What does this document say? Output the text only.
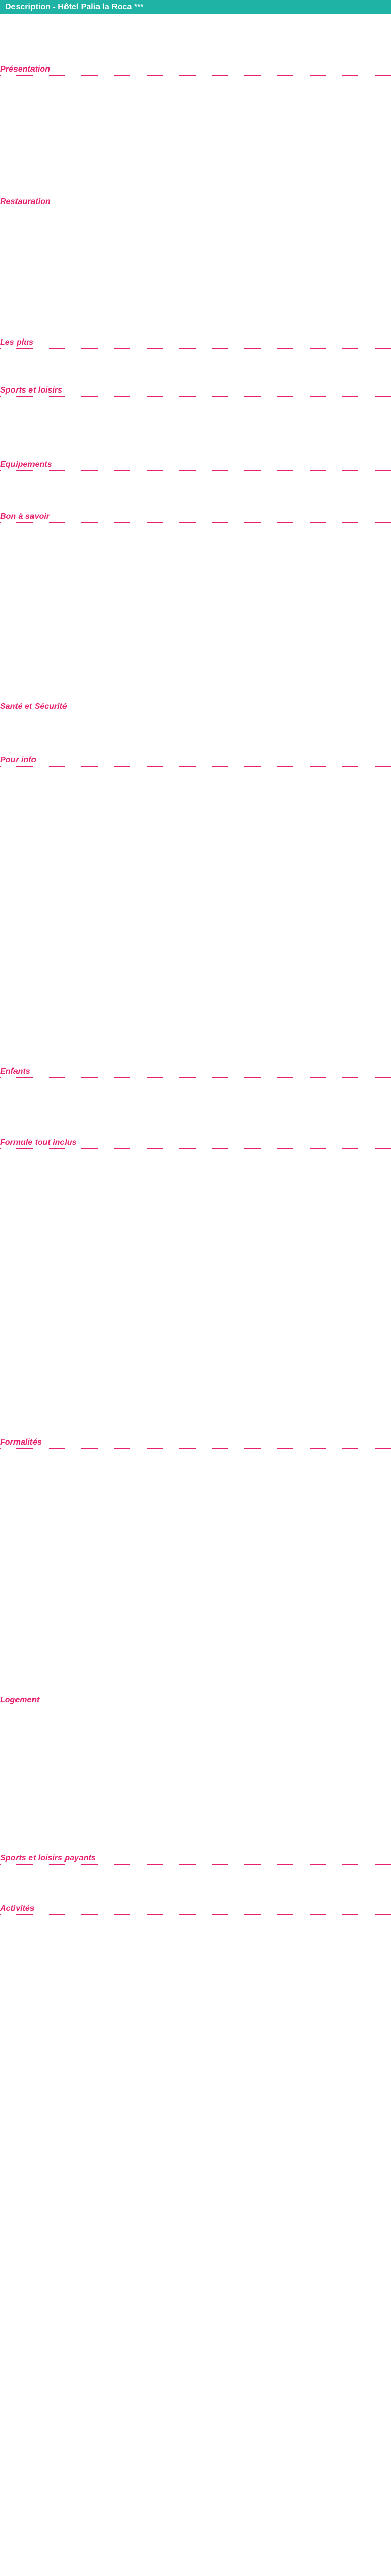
Description - Hôtel Palia la Roca ***
Présentation
Restauration
Les plus
Sports et loisirs
Equipements
Bon à savoir
Santé et Sécurité
Pour info
Enfants
Formule tout inclus
Formalités
Logement
Sports et loisirs payants
Activités
